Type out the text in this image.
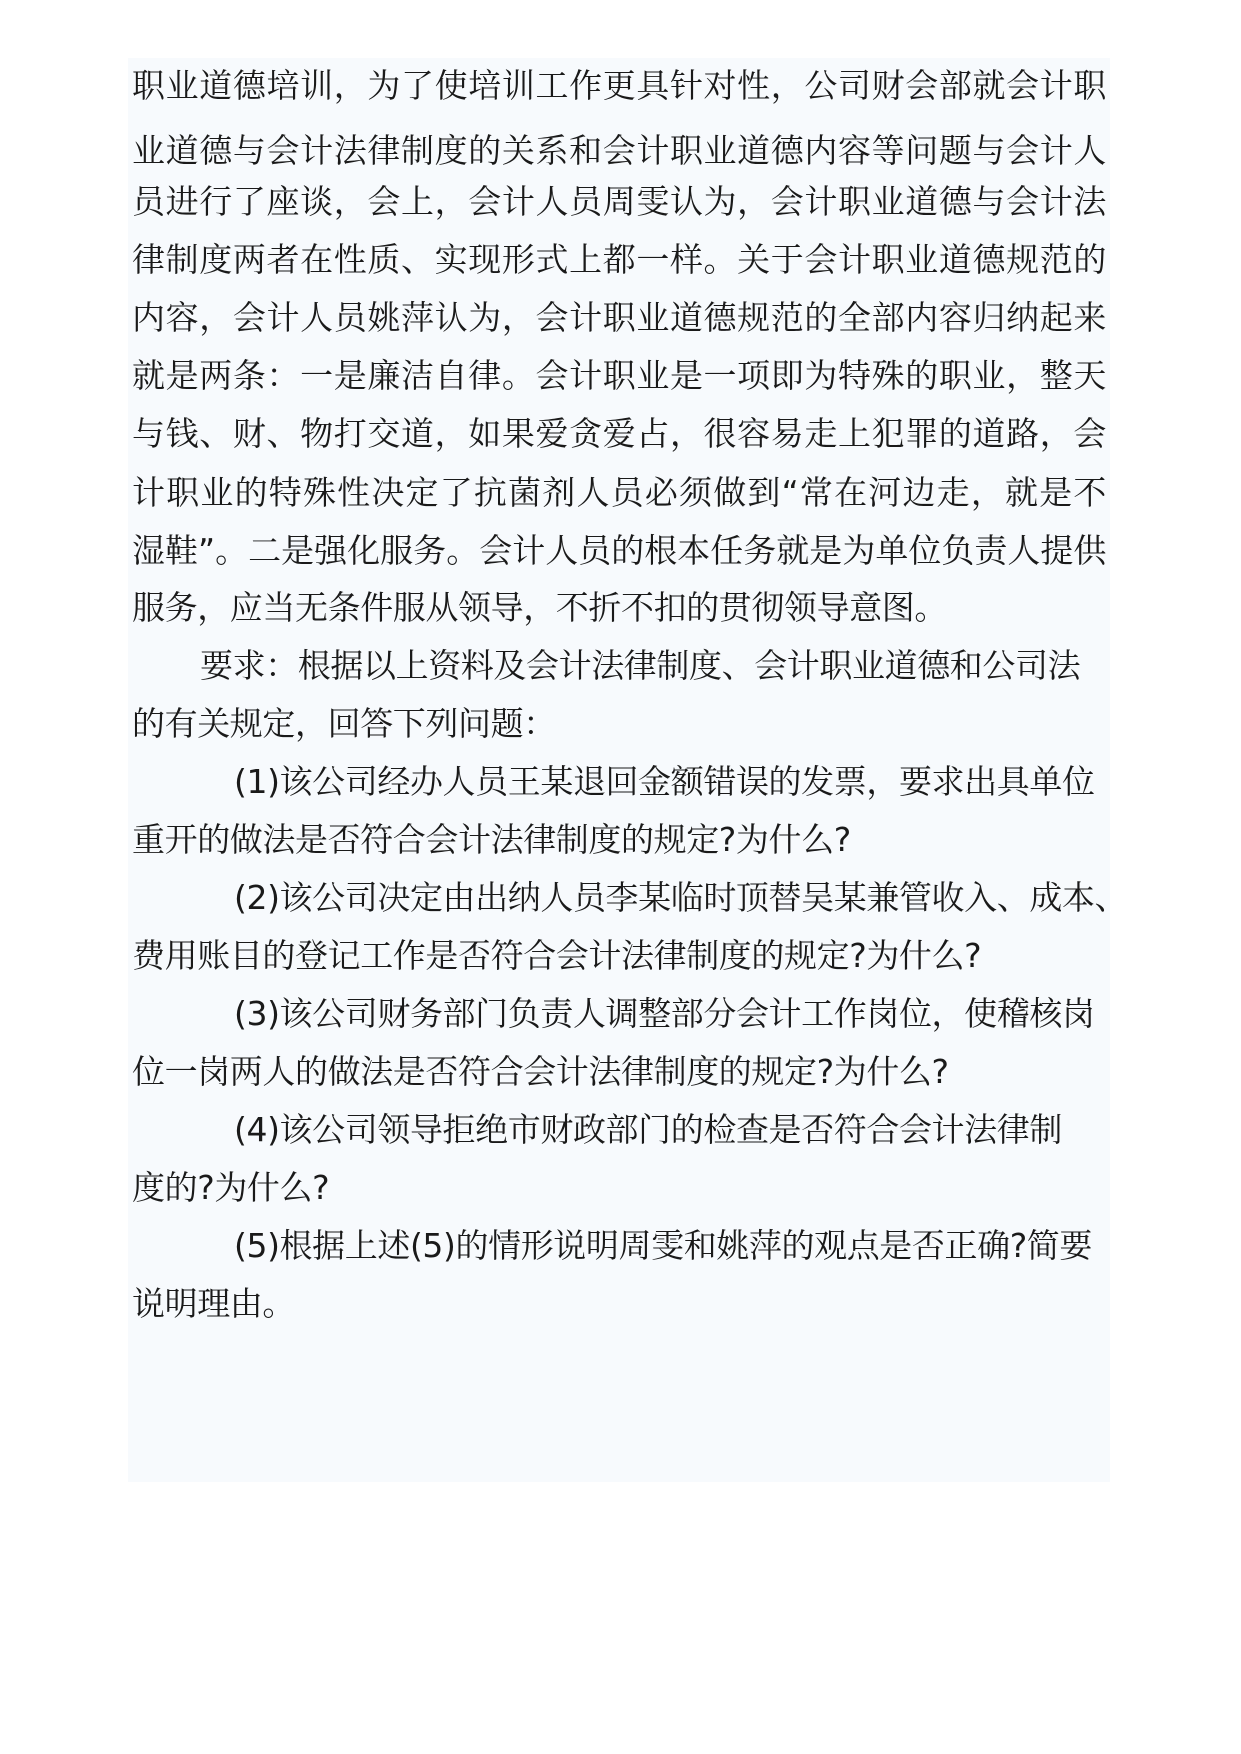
职业道德培训，为了使培训工作更具针对性，公司财会部就会计职
业道德与会计法律制度的关系和会计职业道德内容等问题与会计人
员进行了座谈，会上，会计人员周雯认为，会计职业道德与会计法
律制度两者在性质、实现形式上都一样。关于会计职业道德规范的
内容，会计人员姚萍认为，会计职业道德规范的全部内容归纳起来
就是两条：一是廉洁自律。会计职业是一项即为特殊的职业，整天
与钱、财、物打交道，如果爱贪爱占，很容易走上犯罪的道路，会
计职业的特殊性决定了抗菌剂人员必须做到“常在河边走，就是不
湿鞋”。二是强化服务。会计人员的根本任务就是为单位负责人提供
服务，应当无条件服从领导，不折不扣的贯彻领导意图。
要求：根据以上资料及会计法律制度、会计职业道德和公司法
的有关规定，回答下列问题：
(1)该公司经办人员王某退回金额错误的发票，要求出具单位
重开的做法是否符合会计法律制度的规定?为什么?
(2)该公司决定由出纳人员李某临时顶替吴某兼管收入、成本、
费用账目的登记工作是否符合会计法律制度的规定?为什么?
(3)该公司财务部门负责人调整部分会计工作岗位，使稽核岗
位一岗两人的做法是否符合会计法律制度的规定?为什么?
(4)该公司领导拒绝市财政部门的检查是否符合会计法律制
度的?为什么?
(5)根据上述(5)的情形说明周雯和姚萍的观点是否正确?简要
说明理由。
